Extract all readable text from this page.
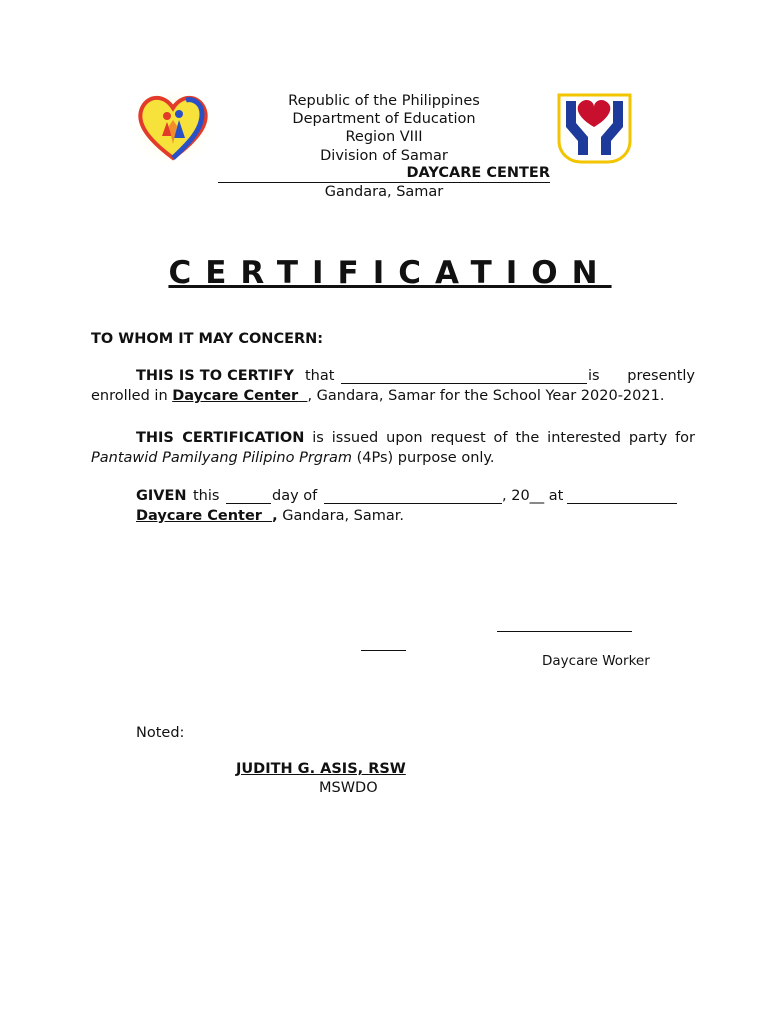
Republic of the Philippines
Department of Education
Region VIII
Division of Samar
DAYCARE CENTER
Gandara, Samar
CERTIFICATION
TO WHOM IT MAY CONCERN:
THIS IS TO CERTIFY that	is presently
enrolled in Daycare Center , Gandara, Samar for the School Year 2020-2021.
THIS CERTIFICATION is issued upon request of the interested party for
Pantawid Pamilyang Pilipino Prgram (4Ps) purpose only.
GIVEN this	day of	, 20__ at
Daycare Center , Gandara, Samar.
Daycare Worker
Noted:
JUDITH G. ASIS, RSW
MSWDO
